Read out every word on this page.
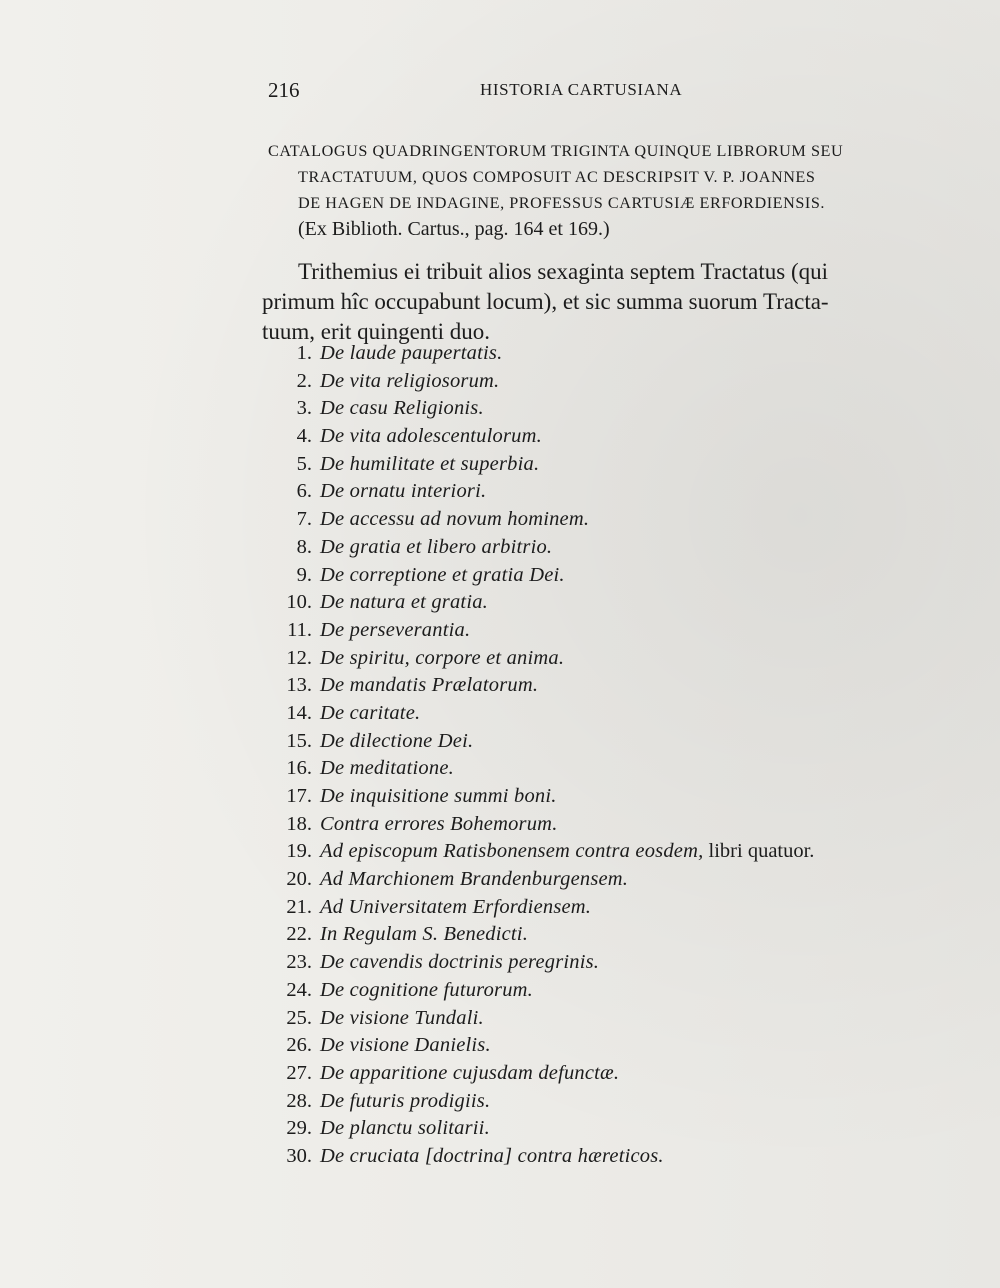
216	HISTORIA CARTUSIANA
CATALOGUS QUADRINGENTORUM TRIGINTA QUINQUE LIBRORUM SEU
TRACTATUUM, QUOS COMPOSUIT AC DESCRIPSIT V. P. JOANNES
DE HAGEN DE INDAGINE, PROFESSUS CARTUSIÆ ERFORDIENSIS.
(Ex Biblioth. Cartus., pag. 164 et 169.)
Trithemius ei tribuit alios sexaginta septem Tractatus (qui
primum hîc occupabunt locum), et sic summa suorum Tracta-
tuum, erit quingenti duo.
1. De laude paupertatis.
2. De vita religiosorum.
3. De casu Religionis.
4. De vita adolescentulorum.
5. De humilitate et superbia.
6. De ornatu interiori.
7. De accessu ad novum hominem.
8. De gratia et libero arbitrio.
9. De correptione et gratia Dei.
10. De natura et gratia.
11. De perseverantia.
12. De spiritu, corpore et anima.
13. De mandatis Prælatorum.
14. De caritate.
15. De dilectione Dei.
16. De meditatione.
17. De inquisitione summi boni.
18. Contra errores Bohemorum.
19. Ad episcopum Ratisbonensem contra eosdem, libri quatuor.
20. Ad Marchionem Brandenburgensem.
21. Ad Universitatem Erfordiensem.
22. In Regulam S. Benedicti.
23. De cavendis doctrinis peregrinis.
24. De cognitione futurorum.
25. De visione Tundali.
26. De visione Danielis.
27. De apparitione cujusdam defunctæ.
28. De futuris prodigiis.
29. De planctu solitarii.
30. De cruciata [doctrina] contra hæreticos.
